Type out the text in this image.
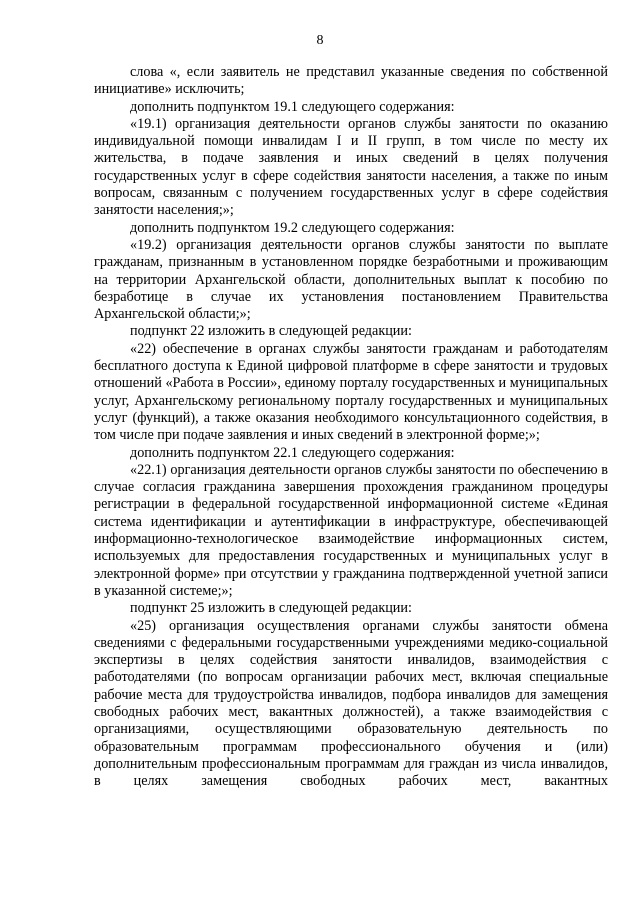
8

слова «, если заявитель не представил указанные сведения по собственной инициативе» исключить;

дополнить подпунктом 19.1 следующего содержания:

«19.1) организация деятельности органов службы занятости по оказанию индивидуальной помощи инвалидам I и II групп, в том числе по месту их жительства, в подаче заявления и иных сведений в целях получения государственных услуг в сфере содействия занятости населения, а также по иным вопросам, связанным с получением государственных услуг в сфере содействия занятости населения;»;

дополнить подпунктом 19.2 следующего содержания:

«19.2) организация деятельности органов службы занятости по выплате гражданам, признанным в установленном порядке безработными и проживающим на территории Архангельской области, дополнительных выплат к пособию по безработице в случае их установления постановлением Правительства Архангельской области;»;

подпункт 22 изложить в следующей редакции:

«22) обеспечение в органах службы занятости гражданам и работодателям бесплатного доступа к Единой цифровой платформе в сфере занятости и трудовых отношений «Работа в России», единому порталу государственных и муниципальных услуг, Архангельскому региональному порталу государственных и муниципальных услуг (функций), а также оказания необходимого консультационного содействия, в том числе при подаче заявления и иных сведений в электронной форме;»;

дополнить подпунктом 22.1 следующего содержания:

«22.1) организация деятельности органов службы занятости по обеспечению в случае согласия гражданина завершения прохождения гражданином процедуры регистрации в федеральной государственной информационной системе «Единая система идентификации и аутентификации в инфраструктуре, обеспечивающей информационно-технологическое взаимодействие информационных систем, используемых для предоставления государственных и муниципальных услуг в электронной форме» при отсутствии у гражданина подтвержденной учетной записи в указанной системе;»;

подпункт 25 изложить в следующей редакции:

«25) организация осуществления органами службы занятости обмена сведениями с федеральными государственными учреждениями медико-социальной экспертизы в целях содействия занятости инвалидов, взаимодействия с работодателями (по вопросам организации рабочих мест, включая специальные рабочие места для трудоустройства инвалидов, подбора инвалидов для замещения свободных рабочих мест, вакантных должностей), а также взаимодействия с организациями, осуществляющими образовательную деятельность по образовательным программам профессионального обучения и (или) дополнительным профессиональным программам для граждан из числа инвалидов, в целях замещения свободных рабочих мест, вакантных
